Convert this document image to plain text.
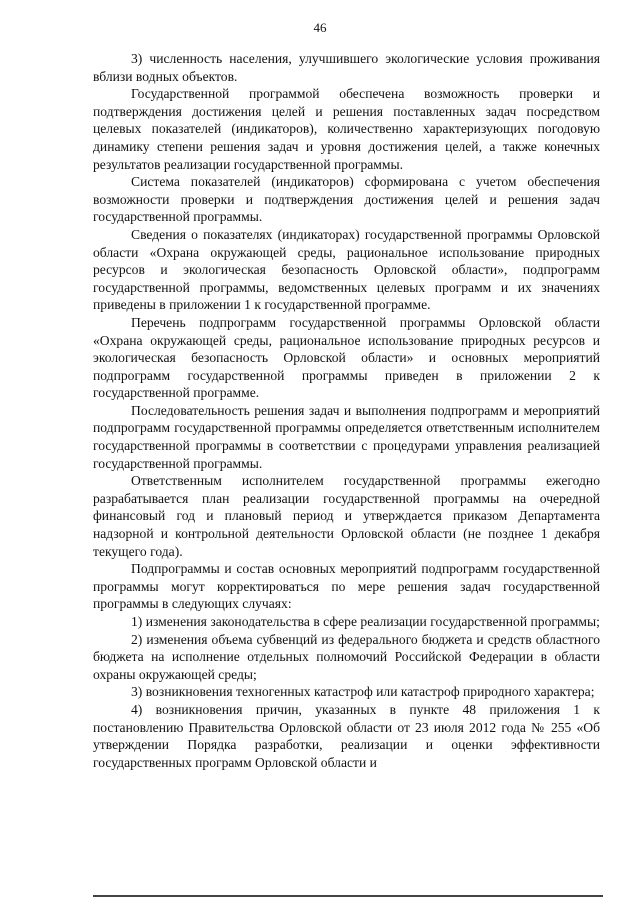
46

3) численность населения, улучшившего экологические условия проживания вблизи водных объектов.

Государственной программой обеспечена возможность проверки и подтверждения достижения целей и решения поставленных задач посредством целевых показателей (индикаторов), количественно характеризующих погодовую динамику степени решения задач и уровня достижения целей, а также конечных результатов реализации государственной программы.

Система показателей (индикаторов) сформирована с учетом обеспечения возможности проверки и подтверждения достижения целей и решения задач государственной программы.

Сведения о показателях (индикаторах) государственной программы Орловской области «Охрана окружающей среды, рациональное использование природных ресурсов и экологическая безопасность Орловской области», подпрограмм государственной программы, ведомственных целевых программ и их значениях приведены в приложении 1 к государственной программе.

Перечень подпрограмм государственной программы Орловской области «Охрана окружающей среды, рациональное использование природных ресурсов и экологическая безопасность Орловской области» и основных мероприятий подпрограмм государственной программы приведен в приложении 2 к государственной программе.

Последовательность решения задач и выполнения подпрограмм и мероприятий подпрограмм государственной программы определяется ответственным исполнителем государственной программы в соответствии с процедурами управления реализацией государственной программы.

Ответственным исполнителем государственной программы ежегодно разрабатывается план реализации государственной программы на очередной финансовый год и плановый период и утверждается приказом Департамента надзорной и контрольной деятельности Орловской области (не позднее 1 декабря текущего года).

Подпрограммы и состав основных мероприятий подпрограмм государственной программы могут корректироваться по мере решения задач государственной программы в следующих случаях:

1) изменения законодательства в сфере реализации государственной программы;

2) изменения объема субвенций из федерального бюджета и средств областного бюджета на исполнение отдельных полномочий Российской Федерации в области охраны окружающей среды;

3) возникновения техногенных катастроф или катастроф природного характера;

4) возникновения причин, указанных в пункте 48 приложения 1 к постановлению Правительства Орловской области от 23 июля 2012 года № 255 «Об утверждении Порядка разработки, реализации и оценки эффективности государственных программ Орловской области и
